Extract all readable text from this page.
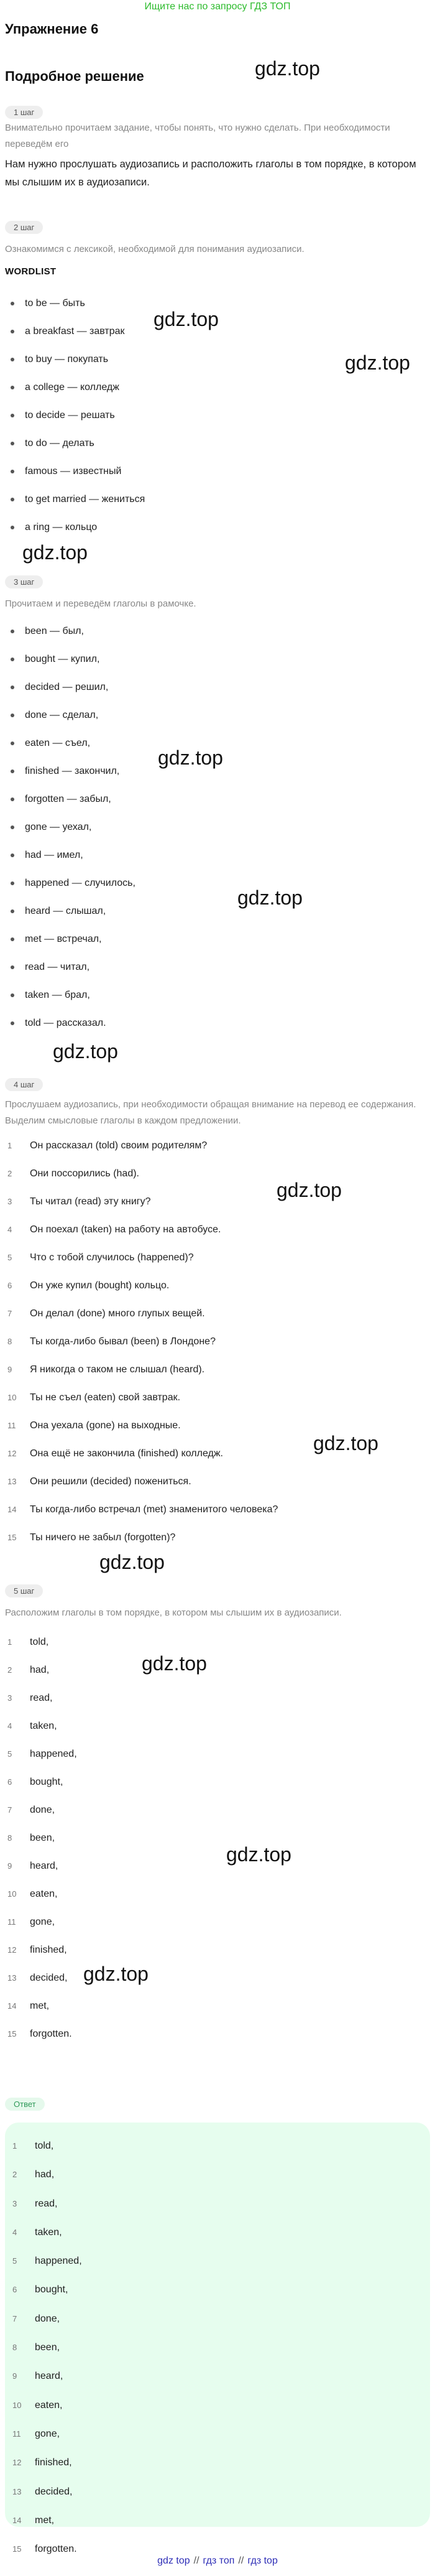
Ищите нас по запросу ГДЗ ТОП
Упражнение 6
Подробное решение	gdz.top
gdz.top
gdz.top
gdz.top
gdz.top
gdz.top
gdz.top
gdz.top
gdz.top
gdz.top
gdz.top
gdz.top
gdz.top
1 шаг
Внимательно прочитаем задание, чтобы понять, что нужно сделать. При необходимости переведём его
Нам нужно прослушать аудиозапись и расположить глаголы в том порядке, в котором мы слышим их в аудиозаписи.
2 шаг
Ознакомимся с лексикой, необходимой для понимания аудиозаписи.
WORDLIST
to be — быть
a breakfast — завтрак
to buy — покупать
a college — колледж
to decide — решать
to do — делать
famous — известный
to get married — жениться
a ring — кольцо
3 шаг
Прочитаем и переведём глаголы в рамочке.
been — был,
bought — купил,
decided — решил,
done — сделал,
eaten — съел,
finished — закончил,
forgotten — забыл,
gone — уехал,
had — имел,
happened — случилось,
heard — слышал,
met — встречал,
read — читал,
taken — брал,
told — рассказал.
4 шаг
Прослушаем аудиозапись, при необходимости обращая внимание на перевод ее содержания. Выделим смысловые глаголы в каждом предложении.
1	Он рассказал (told) своим родителям?
2	Они поссорились (had).
3	Ты читал (read) эту книгу?
4	Он поехал (taken) на работу на автобусе.
5	Что с тобой случилось (happened)?
6	Он уже купил (bought) кольцо.
7	Он делал (done) много глупых вещей.
8	Ты когда-либо бывал (been) в Лондоне?
9	Я никогда о таком не слышал (heard).
10	Ты не съел (eaten) свой завтрак.
11	Она уехала (gone) на выходные.
12	Она ещё не закончила (finished) колледж.
13	Они решили (decided) пожениться.
14	Ты когда-либо встречал (met) знаменитого человека?
15	Ты ничего не забыл (forgotten)?
5 шаг
Расположим глаголы в том порядке, в котором мы слышим их в аудиозаписи.
1	told,
2	had,
3	read,
4	taken,
5	happened,
6	bought,
7	done,
8	been,
9	heard,
10	eaten,
11	gone,
12	finished,
13	decided,
14	met,
15	forgotten.
Ответ
1	told,
2	had,
3	read,
4	taken,
5	happened,
6	bought,
7	done,
8	been,
9	heard,
10	eaten,
11	gone,
12	finished,
13	decided,
14	met,
15	forgotten.
gdz top // гдз топ // гдз top
